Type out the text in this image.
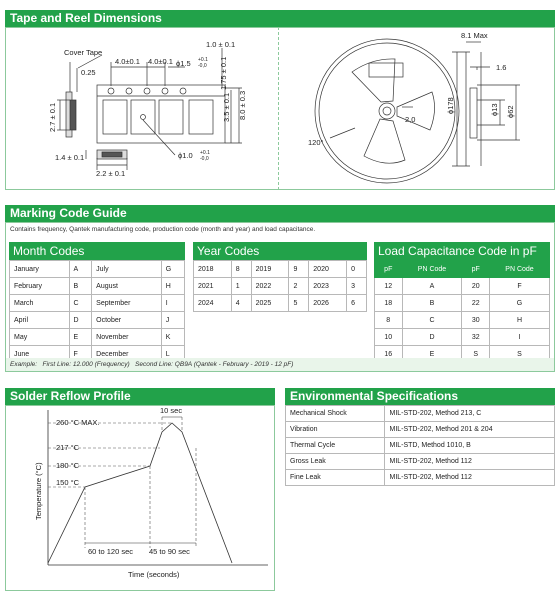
Tape and Reel Dimensions
Cover Tape
0.25
4.0±0.1 4.0±0.1 ϕ1.5 +0.1
-0,0
1.0 ± 0.1
1.75 ± 0.1
3.5 ± 0.1 8.0 ± 0.3
2.7 ± 0.1
1.4 ± 0.1
2.2 ± 0.1
ϕ1.0 +0.1
-0,0
8.1 Max
1.6
ϕ178	ϕ13 ϕ62
2,0
120°
Marking Code Guide
Contains frequency, Qantek manufacturing code, production code (month and year) and load capacitance.
Month Codes
January	A	July	G
February	B	August	H
March	C	September	I
April	D	October	J
May	E	November	K
June	F	December	L
Year Codes
2018	8	2019	9	2020	0
2021	1	2022	2	2023	3
2024	4	2025	5	2026	6
Load Capacitance Code in pF
pF	PN Code	pF	PN Code
12	A	20	F
18	B	22	G
8	C	30	H
10	D	32	I
16	E	S	S
Example: First Line: 12.000 (Frequency) Second Line: QB9A (Qantek - February - 2019 - 12 pF)
Solder Reflow Profile
Temperature (°C)
Time (seconds)
260 °C MAX.
217 °C
180 °C
150 °C
10 sec
60 to 120 sec 45 to 90 sec
Environmental Specifications
Mechanical Shock	MIL-STD-202, Method 213, C
Vibration	MIL-STD-202, Method 201 & 204
Thermal Cycle	MIL-STD, Method 1010, B
Gross Leak	MIL-STD-202, Method 112
Fine Leak	MIL-STD-202, Method 112
